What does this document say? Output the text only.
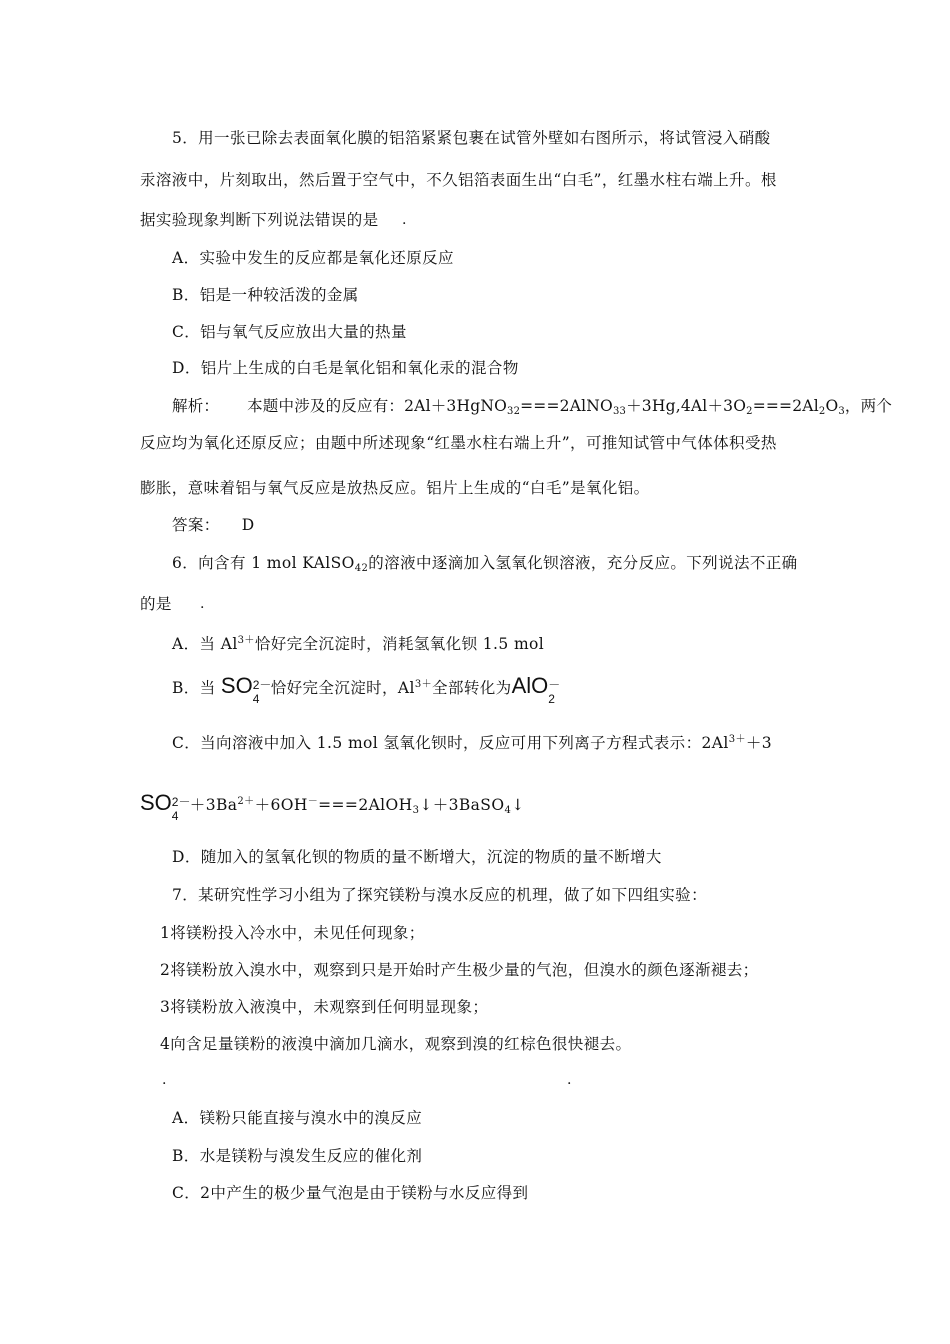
5．用一张已除去表面氧化膜的铝箔紧紧包裹在试管外壁如右图所示，将试管浸入硝酸
汞溶液中，片刻取出，然后置于空气中，不久铝箔表面生出“白毛”，红墨水柱右端上升。根
据实验现象判断下列说法错误的是 .
A．实验中发生的反应都是氧化还原反应
B．铝是一种较活泼的金属
C．铝与氧气反应放出大量的热量
D．铝片上生成的白毛是氧化铝和氧化汞的混合物
解析： 本题中涉及的反应有：$2Al+3HgNO_{32}===2AlNO_{33}+3Hg,4Al+3O_2===2Al_2O_3$，两个
反应均为氧化还原反应；由题中所述现象“红墨水柱右端上升”，可推知试管中气体体积受热
膨胀，意味着铝与氧气反应是放热反应。铝片上生成的“白毛”是氧化铝。
答案： D
6．向含有 1 mol KAlSO$_{42}$的溶液中逐滴加入氢氧化钡溶液，充分反应。下列说法不正确
的是 .
A．当 $Al^{3+}$恰好完全沉淀时，消耗氢氧化钡 1.5 mol
B．当 SO 2－
4
恰好完全沉淀时，$Al^{3+}$全部转化为AlO －
2
C．当向溶液中加入 1.5 mol 氢氧化钡时，反应可用下列离子方程式表示：$2Al^{3+}+3$
SO 2－
4
$+3Ba^{2+}+6OH^-===2AlOH_3↓+3BaSO_4↓$
D．随加入的氢氧化钡的物质的量不断增大，沉淀的物质的量不断增大
7．某研究性学习小组为了探究镁粉与溴水反应的机理，做了如下四组实验：
1将镁粉投入冷水中，未见任何现象；
2将镁粉放入溴水中，观察到只是开始时产生极少量的气泡，但溴水的颜色逐渐褪去；
3将镁粉放入液溴中，未观察到任何明显现象；
4向含足量镁粉的液溴中滴加几滴水，观察到溴的红棕色很快褪去。
.	.
A．镁粉只能直接与溴水中的溴反应
B．水是镁粉与溴发生反应的催化剂
C．2中产生的极少量气泡是由于镁粉与水反应得到
